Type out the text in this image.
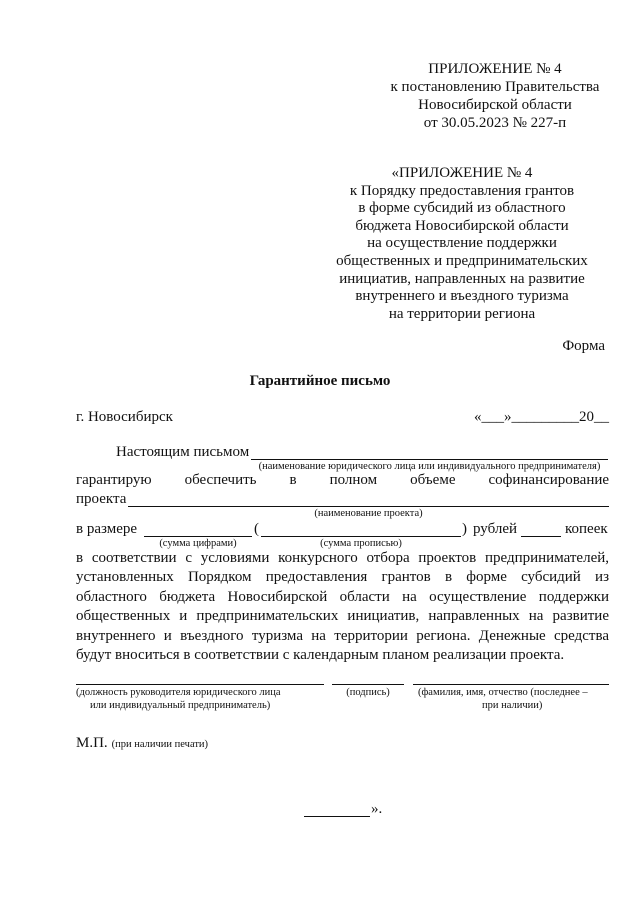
ПРИЛОЖЕНИЕ № 4
к постановлению Правительства
Новосибирской области
от 30.05.2023 № 227-п
«ПРИЛОЖЕНИЕ № 4
к Порядку предоставления грантов
в форме субсидий из областного
бюджета Новосибирской области
на осуществление поддержки
общественных и предпринимательских
инициатив, направленных на развитие
внутреннего и въездного туризма
на территории региона
Форма
Гарантийное письмо
г. Новосибирск	«___»_________20__
Настоящим письмом
(наименование юридического лица или индивидуального предпринимателя)
гарантирую обеспечить в полном объеме софинансирование
проекта
(наименование проекта)
в размере	(	) рублей	копеек
(сумма цифрами)	(сумма прописью)
в соответствии с условиями конкурсного отбора проектов предпринимателей, установленных Порядком предоставления грантов в форме субсидий из областного бюджета Новосибирской области на осуществление поддержки общественных и предпринимательских инициатив, направленных на развитие внутреннего и въездного туризма на территории региона. Денежные средства будут вноситься в соответствии с календарным планом реализации проекта.
(должность руководителя юридического лица
или индивидуальный предприниматель)
(подпись)	(фамилия, имя, отчество (последнее –
при наличии)
М.П. (при наличии печати)
».
